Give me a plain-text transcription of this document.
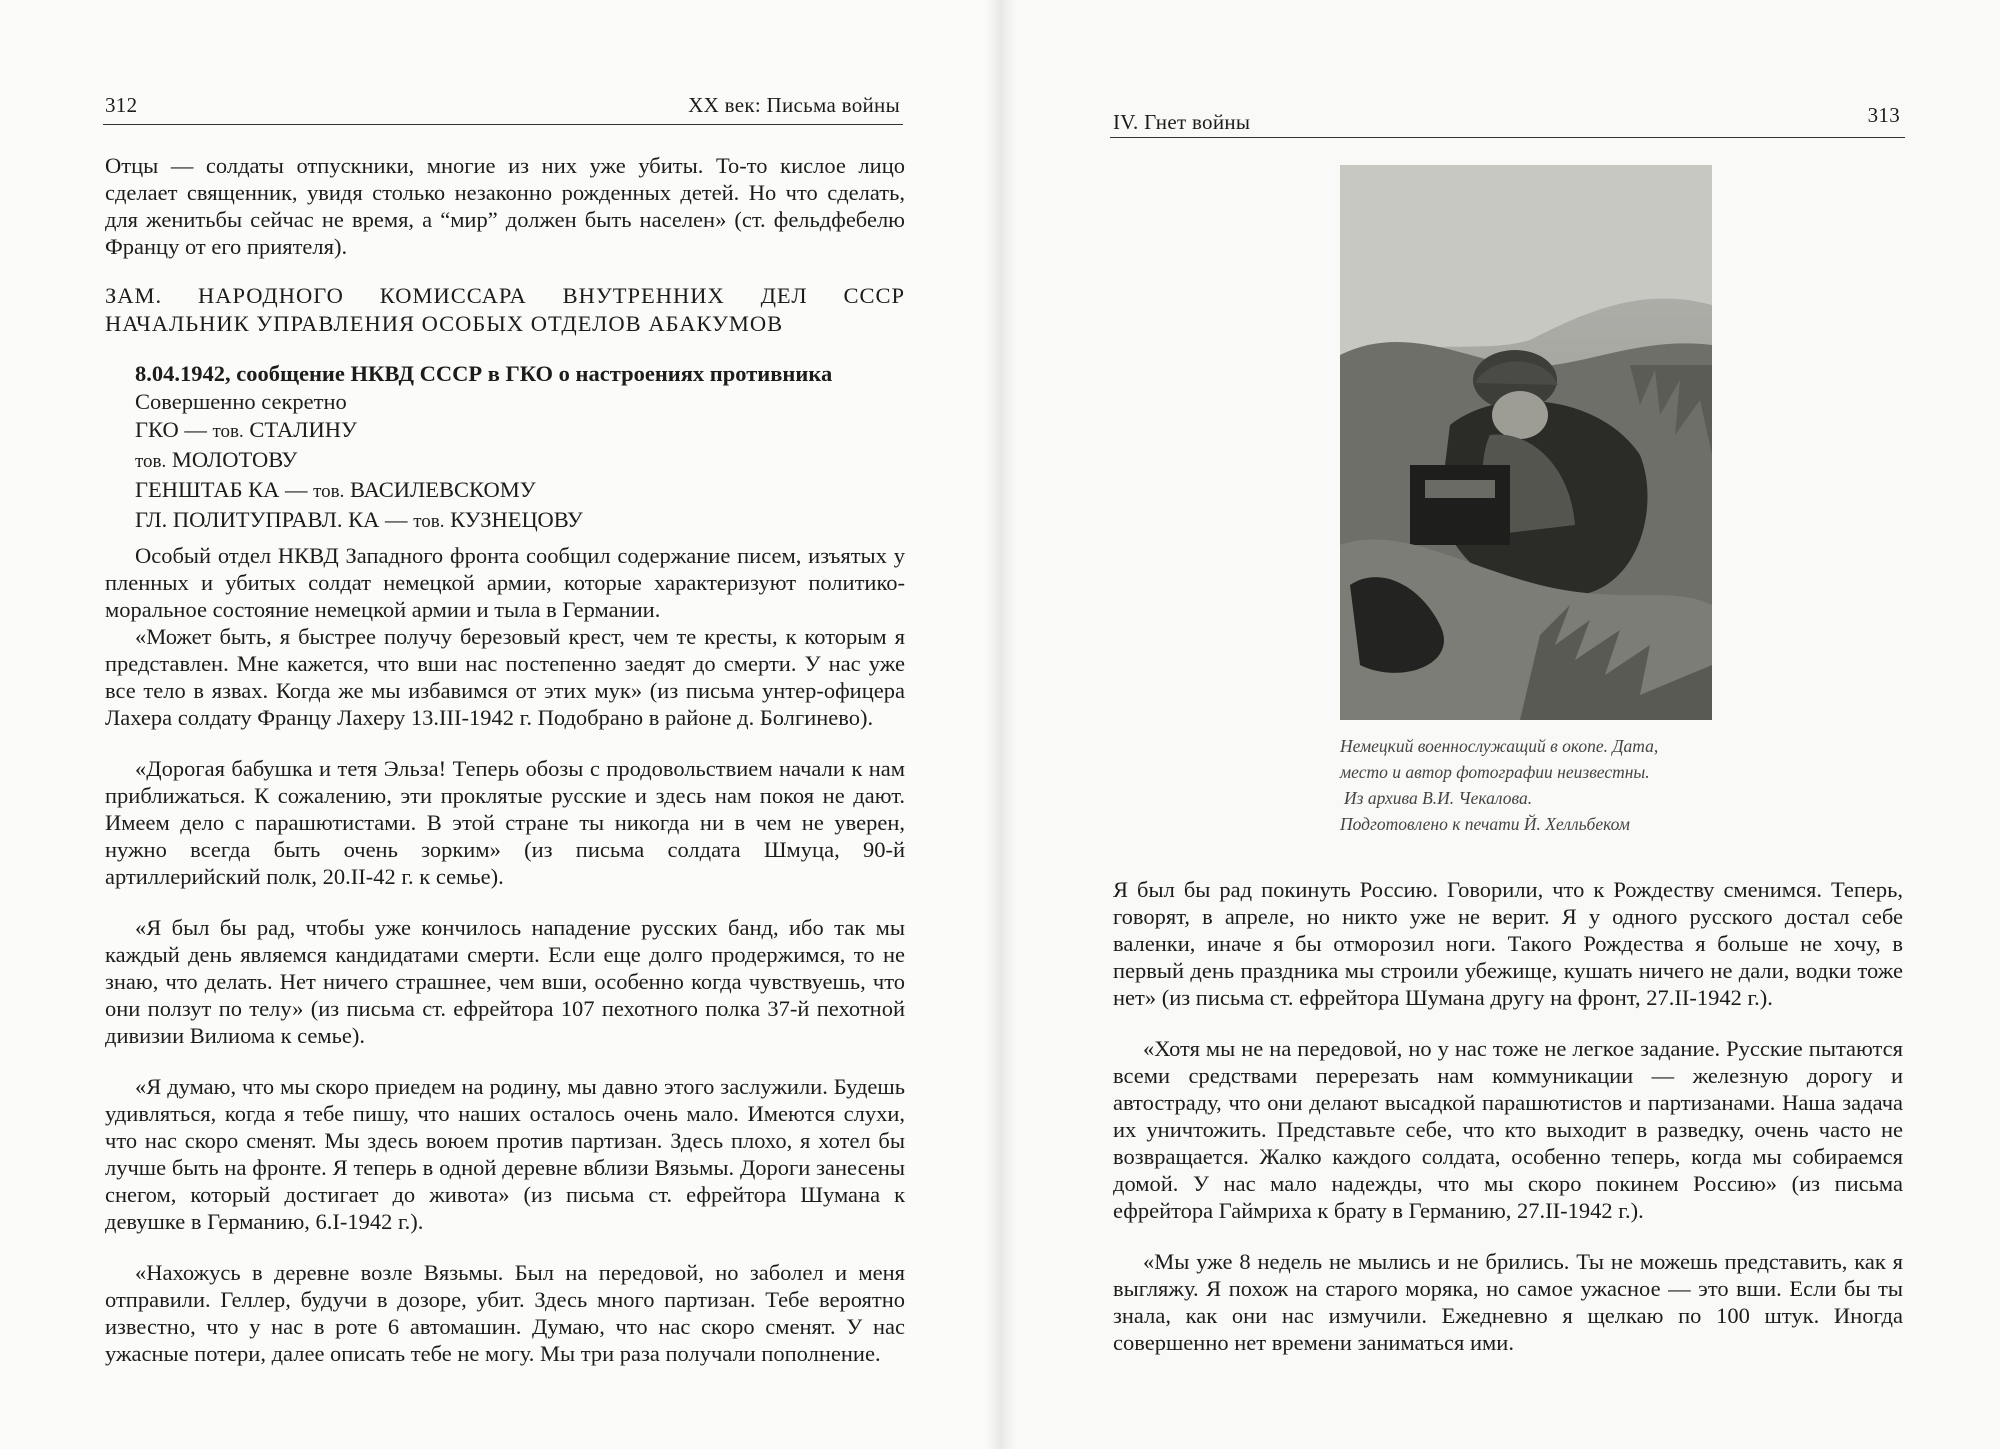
312	XX век: Письма войны

Отцы — солдаты отпускники, многие из них уже убиты. То-то кислое лицо сделает священник, увидя столько незаконно рожденных детей. Но что сделать, для женитьбы сейчас не время, а “мир” должен быть населен» (ст. фельдфебелю Францу от его приятеля).

ЗАМ. НАРОДНОГО КОМИССАРА ВНУТРЕННИХ ДЕЛ СССР НАЧАЛЬНИК УПРАВЛЕНИЯ ОСОБЫХ ОТДЕЛОВ АБАКУМОВ
8.04.1942, сообщение НКВД СССР в ГКО о настроениях противника
Совершенно секретно
ГКО — тов. СТАЛИНУ
тов. МОЛОТОВУ
ГЕНШТАБ КА — тов. ВАСИЛЕВСКОМУ
ГЛ. ПОЛИТУПРАВЛ. КА — тов. КУЗНЕЦОВУ

Особый отдел НКВД Западного фронта сообщил содержание писем, изъятых у пленных и убитых солдат немецкой армии, которые характеризуют политико-моральное состояние немецкой армии и тыла в Германии.

«Может быть, я быстрее получу березовый крест, чем те кресты, к которым я представлен. Мне кажется, что вши нас постепенно заедят до смерти. У нас уже все тело в язвах. Когда же мы избавимся от этих мук» (из письма унтер-офицера Лахера солдату Францу Лахеру 13.III-1942 г. Подобрано в районе д. Болгинево).

«Дорогая бабушка и тетя Эльза! Теперь обозы с продовольствием начали к нам приближаться. К сожалению, эти проклятые русские и здесь нам покоя не дают. Имеем дело с парашютистами. В этой стране ты никогда ни в чем не уверен, нужно всегда быть очень зорким» (из письма солдата Шмуца, 90-й артиллерийский полк, 20.II-42 г. к семье).

«Я был бы рад, чтобы уже кончилось нападение русских банд, ибо так мы каждый день являемся кандидатами смерти. Если еще долго продержимся, то не знаю, что делать. Нет ничего страшнее, чем вши, особенно когда чувствуешь, что они ползут по телу» (из письма ст. ефрейтора 107 пехотного полка 37-й пехотной дивизии Вилиома к семье).

«Я думаю, что мы скоро приедем на родину, мы давно этого заслужили. Будешь удивляться, когда я тебе пишу, что наших осталось очень мало. Имеются слухи, что нас скоро сменят. Мы здесь воюем против партизан. Здесь плохо, я хотел бы лучше быть на фронте. Я теперь в одной деревне вблизи Вязьмы. Дороги занесены снегом, который достигает до живота» (из письма ст. ефрейтора Шумана к девушке в Германию, 6.I-1942 г.).

«Нахожусь в деревне возле Вязьмы. Был на передовой, но заболел и меня отправили. Геллер, будучи в дозоре, убит. Здесь много партизан. Тебе вероятно известно, что у нас в роте 6 автомашин. Думаю, что нас скоро сменят. У нас ужасные потери, далее описать тебе не могу. Мы три раза получали пополнение.

IV. Гнет войны	313
Немецкий военнослужащий в окопе. Дата,
место и автор фотографии неизвестны.
Из архива В.И. Чекалова.
Подготовлено к печати Й. Хелльбеком

Я был бы рад покинуть Россию. Говорили, что к Рождеству сменимся. Теперь, говорят, в апреле, но никто уже не верит. Я у одного русского достал себе валенки, иначе я бы отморозил ноги. Такого Рождества я больше не хочу, в первый день праздника мы строили убежище, кушать ничего не дали, водки тоже нет» (из письма ст. ефрейтора Шумана другу на фронт, 27.II-1942 г.).

«Хотя мы не на передовой, но у нас тоже не легкое задание. Русские пытаются всеми средствами перерезать нам коммуникации — железную дорогу и автостраду, что они делают высадкой парашютистов и партизанами. Наша задача их уничтожить. Представьте себе, что кто выходит в разведку, очень часто не возвращается. Жалко каждого солдата, особенно теперь, когда мы собираемся домой. У нас мало надежды, что мы скоро покинем Россию» (из письма ефрейтора Гаймриха к брату в Германию, 27.II-1942 г.).

«Мы уже 8 недель не мылись и не брились. Ты не можешь представить, как я выгляжу. Я похож на старого моряка, но самое ужасное — это вши. Если бы ты знала, как они нас измучили. Ежедневно я щелкаю по 100 штук. Иногда совершенно нет времени заниматься ими.
